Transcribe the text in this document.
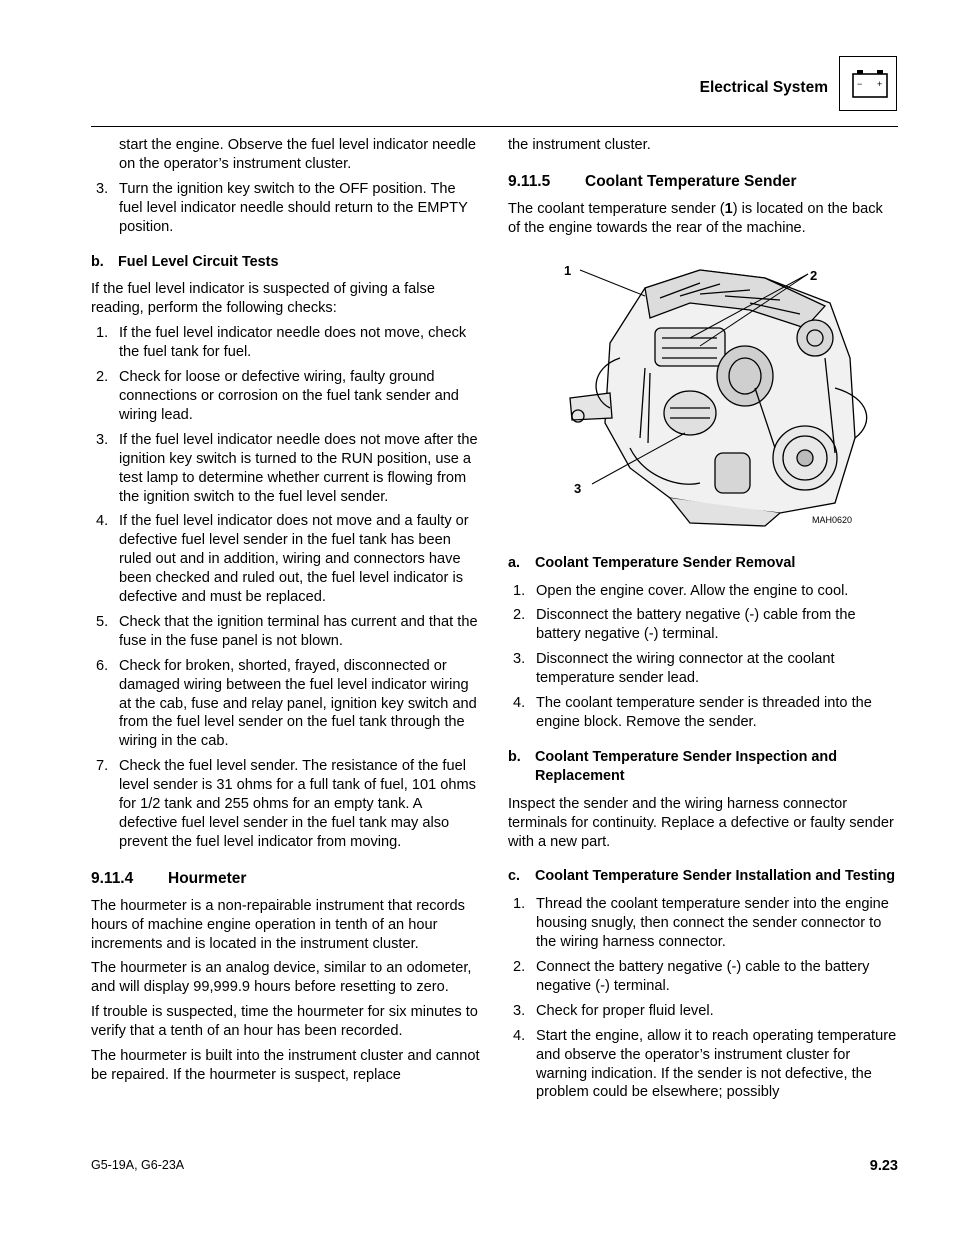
Electrical System	− +

start the engine. Observe the fuel level indicator needle on the operator’s instrument cluster.

3. Turn the ignition key switch to the OFF position. The fuel level indicator needle should return to the EMPTY position.
b. Fuel Level Circuit Tests

If the fuel level indicator is suspected of giving a false reading, perform the following checks:

1. If the fuel level indicator needle does not move, check the fuel tank for fuel.
2. Check for loose or defective wiring, faulty ground connections or corrosion on the fuel tank sender and wiring lead.
3. If the fuel level indicator needle does not move after the ignition key switch is turned to the RUN position, use a test lamp to determine whether current is flowing from the ignition switch to the fuel level sender.
4. If the fuel level indicator does not move and a faulty or defective fuel level sender in the fuel tank has been ruled out and in addition, wiring and connectors have been checked and ruled out, the fuel level indicator is defective and must be replaced.
5. Check that the ignition terminal has current and that the fuse in the fuse panel is not blown.
6. Check for broken, shorted, frayed, disconnected or damaged wiring between the fuel level indicator wiring at the cab, fuse and relay panel, ignition key switch and from the fuel level sender on the fuel tank through the wiring in the cab.
7. Check the fuel level sender. The resistance of the fuel level sender is 31 ohms for a full tank of fuel, 101 ohms for 1/2 tank and 255 ohms for an empty tank. A defective fuel level sender in the fuel tank may also prevent the fuel level indicator from moving.
9.11.4 Hourmeter

The hourmeter is a non-repairable instrument that records hours of machine engine operation in tenth of an hour increments and is located in the instrument cluster.

The hourmeter is an analog device, similar to an odometer, and will display 99,999.9 hours before resetting to zero.

If trouble is suspected, time the hourmeter for six minutes to verify that a tenth of an hour has been recorded.

The hourmeter is built into the instrument cluster and cannot be repaired. If the hourmeter is suspect, replace

the instrument cluster.

9.11.5 Coolant Temperature Sender

The coolant temperature sender (1) is located on the back of the engine towards the rear of the machine.

1	2
3
MAH0620
a. Coolant Temperature Sender Removal
1. Open the engine cover. Allow the engine to cool.
2. Disconnect the battery negative (-) cable from the battery negative (-) terminal.
3. Disconnect the wiring connector at the coolant temperature sender lead.
4. The coolant temperature sender is threaded into the engine block. Remove the sender.
b. Coolant Temperature Sender Inspection and Replacement

Inspect the sender and the wiring harness connector terminals for continuity. Replace a defective or faulty sender with a new part.

c. Coolant Temperature Sender Installation and Testing
1. Thread the coolant temperature sender into the engine housing snugly, then connect the sender connector to the wiring harness connector.
2. Connect the battery negative (-) cable to the battery negative (-) terminal.
3. Check for proper fluid level.
4. Start the engine, allow it to reach operating temperature and observe the operator’s instrument cluster for warning indication. If the sender is not defective, the problem could be elsewhere; possibly
G5-19A, G6-23A	9.23
